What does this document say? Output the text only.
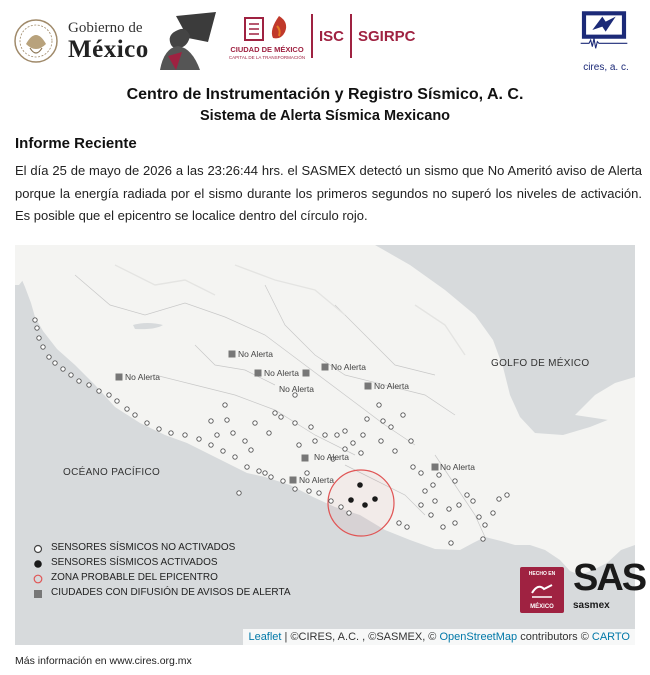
Gobierno de
México	CIUDAD DE MÉXICO
CAPITAL DE LA TRANSFORMACIÓN
ISC SGIRPC
cires, a. c.
Centro de Instrumentación y Registro Sísmico, A. C.
Sistema de Alerta Sísmica Mexicano
Informe Reciente
El día 25 de mayo de 2026 a las 23:26:44 hrs. el SASMEX detectó un sismo que No Ameritó aviso de Alerta porque la energía radiada por el sismo durante los primeros segundos no superó los niveles de activación. Es posible que el epicentro se localice dentro del círculo rojo.
GOLFO DE MÉXICO
OCÉANO PACÍFICO
No Alerta
No Alerta
No Alerta
No Alerta
No Alerta
No Alerta
No Alerta
No Alerta
No Alerta
SENSORES SÍSMICOS NO ACTIVADOS
SENSORES SÍSMICOS ACTIVADOS
ZONA PROBABLE DEL EPICENTRO
CIUDADES CON DIFUSIÓN DE AVISOS DE ALERTA
HECHO EN
MÉXICO
SAS
sasmex
Leaflet | ©CIRES, A.C. , ©SASMEX, © OpenStreetMap contributors © CARTO
Más información en www.cires.org.mx
